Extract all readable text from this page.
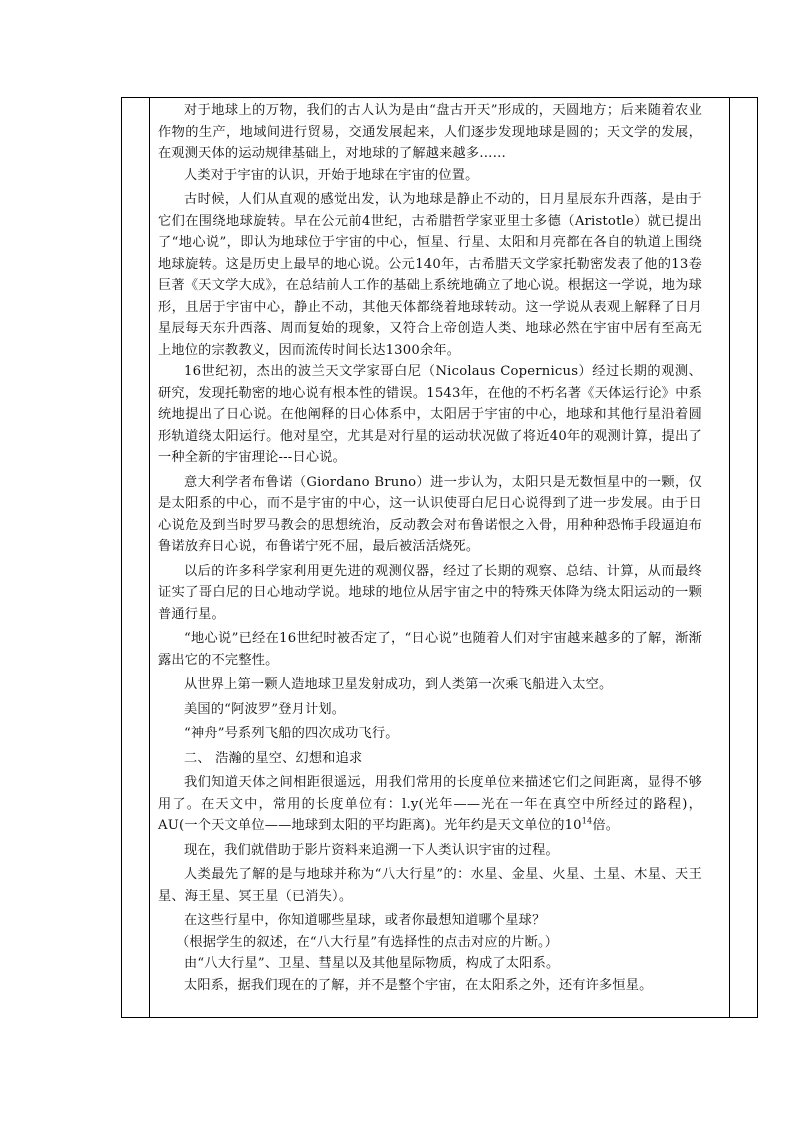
对于地球上的万物，我们的古人认为是由“盘古开天”形成的，天圆地方；后来随着农业作物的生产，地域间进行贸易，交通发展起来，人们逐步发现地球是圆的；天文学的发展，在观测天体的运动规律基础上，对地球的了解越来越多……

人类对于宇宙的认识，开始于地球在宇宙的位置。

古时候，人们从直观的感觉出发，认为地球是静止不动的，日月星辰东升西落，是由于它们在围绕地球旋转。早在公元前4世纪，古希腊哲学家亚里士多德（Aristotle）就已提出了“地心说”，即认为地球位于宇宙的中心，恒星、行星、太阳和月亮都在各自的轨道上围绕地球旋转。这是历史上最早的地心说。公元140年，古希腊天文学家托勒密发表了他的13卷巨著《天文学大成》，在总结前人工作的基础上系统地确立了地心说。根据这一学说，地为球形，且居于宇宙中心，静止不动，其他天体都绕着地球转动。这一学说从表观上解释了日月星辰每天东升西落、周而复始的现象，又符合上帝创造人类、地球必然在宇宙中居有至高无上地位的宗教教义，因而流传时间长达1300余年。

16世纪初，杰出的波兰天文学家哥白尼（Nicolaus Copernicus）经过长期的观测、研究，发现托勒密的地心说有根本性的错误。1543年，在他的不朽名著《天体运行论》中系统地提出了日心说。在他阐释的日心体系中，太阳居于宇宙的中心，地球和其他行星沿着圆形轨道绕太阳运行。他对星空，尤其是对行星的运动状况做了将近40年的观测计算，提出了一种全新的宇宙理论---日心说。

意大利学者布鲁诺（Giordano Bruno）进一步认为，太阳只是无数恒星中的一颗，仅是太阳系的中心，而不是宇宙的中心，这一认识使哥白尼日心说得到了进一步发展。由于日心说危及到当时罗马教会的思想统治，反动教会对布鲁诺恨之入骨，用种种恐怖手段逼迫布鲁诺放弃日心说，布鲁诺宁死不屈，最后被活活烧死。

以后的许多科学家利用更先进的观测仪器，经过了长期的观察、总结、计算，从而最终证实了哥白尼的日心地动学说。地球的地位从居宇宙之中的特殊天体降为绕太阳运动的一颗普通行星。

“地心说”已经在16世纪时被否定了，“日心说”也随着人们对宇宙越来越多的了解，渐渐露出它的不完整性。

从世界上第一颗人造地球卫星发射成功，到人类第一次乘飞船进入太空。

美国的“阿波罗”登月计划。

“神舟”号系列飞船的四次成功飞行。

二、 浩瀚的星空、幻想和追求

我们知道天体之间相距很遥远，用我们常用的长度单位来描述它们之间距离，显得不够用了。在天文中，常用的长度单位有：l.y(光年——光在一年在真空中所经过的路程)，AU(一个天文单位——地球到太阳的平均距离)。光年约是天文单位的$10^{14}$倍。

现在，我们就借助于影片资料来追溯一下人类认识宇宙的过程。

人类最先了解的是与地球并称为“八大行星”的：水星、金星、火星、土星、木星、天王星、海王星、冥王星（已消失）。

在这些行星中，你知道哪些星球，或者你最想知道哪个星球？

（根据学生的叙述，在“八大行星”有选择性的点击对应的片断。）

由“八大行星”、卫星、彗星以及其他星际物质，构成了太阳系。

太阳系，据我们现在的了解，并不是整个宇宙，在太阳系之外，还有许多恒星。
